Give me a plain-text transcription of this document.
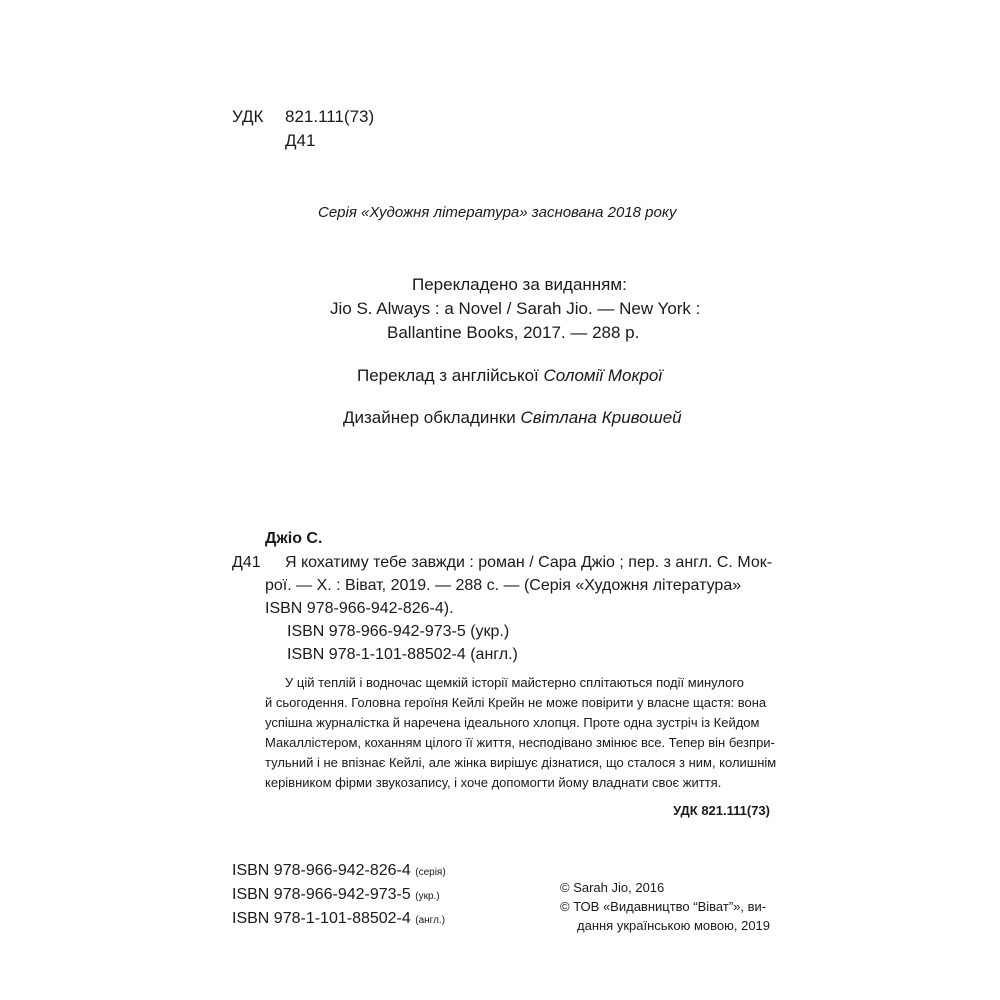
УДК 821.111(73)
Д41
Серія «Художня література» заснована 2018 року
Перекладено за виданням:
Jio S. Always : a Novel / Sarah Jio. — New York :
Ballantine Books, 2017. — 288 p.
Переклад з англійської Соломії Мокрої
Дизайнер обкладинки Світлана Кривошей
Джіо С.
Д41 Я кохатиму тебе завжди : роман / Сара Джіо ; пер. з англ. С. Мок-
рої. — Х. : Віват, 2019. — 288 с. — (Серія «Художня література»
ISBN 978-966-942-826-4).
ISBN 978-966-942-973-5 (укр.)
ISBN 978-1-101-88502-4 (англ.)
У цій теплій і водночас щемкій історії майстерно сплітаються події минулого
й сьогодення. Головна героїня Кейлі Крейн не може повірити у власне щастя: вона
успішна журналістка й наречена ідеального хлопця. Проте одна зустріч із Кейдом
Макаллістером, коханням цілого її життя, несподівано змінює все. Тепер він безпри-
тульний і не впізнає Кейлі, але жінка вирішує дізнатися, що сталося з ним, колишнім
керівником фірми звукозапису, і хоче допомогти йому владнати своє життя.
УДК 821.111(73)
ISBN 978-966-942-826-4 (серія)
ISBN 978-966-942-973-5 (укр.)
ISBN 978-1-101-88502-4 (англ.)
© Sarah Jio, 2016
© ТОВ «Видавництво “Віват”», ви-
дання українською мовою, 2019
